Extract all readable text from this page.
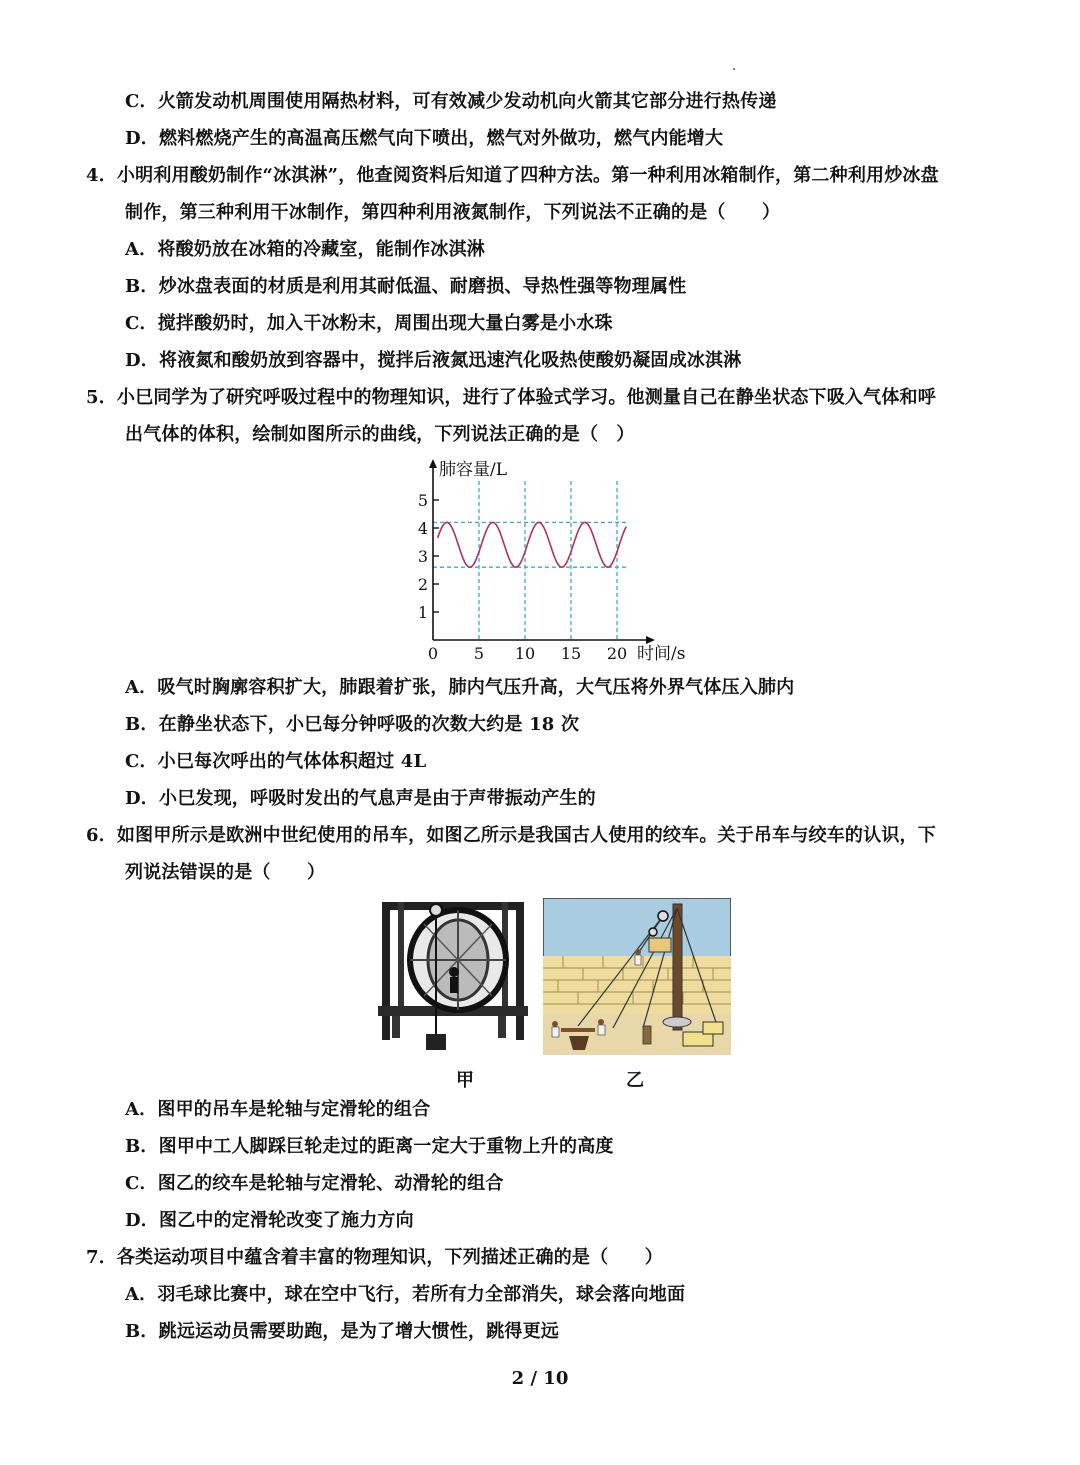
C．火箭发动机周围使用隔热材料，可有效减少发动机向火箭其它部分进行热传递
D．燃料燃烧产生的高温高压燃气向下喷出，燃气对外做功，燃气内能增大
4．小明利用酸奶制作“冰淇淋”，他查阅资料后知道了四种方法。第一种利用冰箱制作，第二种利用炒冰盘
制作，第三种利用干冰制作，第四种利用液氮制作，下列说法不正确的是（　　）
A．将酸奶放在冰箱的冷藏室，能制作冰淇淋
B．炒冰盘表面的材质是利用其耐低温、耐磨损、导热性强等物理属性
C．搅拌酸奶时，加入干冰粉末，周围出现大量白雾是小水珠
D．将液氮和酸奶放到容器中，搅拌后液氮迅速汽化吸热使酸奶凝固成冰淇淋
5．小巳同学为了研究呼吸过程中的物理知识，进行了体验式学习。他测量自己在静坐状态下吸入气体和呼
出气体的体积，绘制如图所示的曲线，下列说法正确的是（　）
肺容量/L
时间/s
0 5 10 15 20
1
2
3
4
5
A．吸气时胸廓容积扩大，肺跟着扩张，肺内气压升高，大气压将外界气体压入肺内
B．在静坐状态下，小巳每分钟呼吸的次数大约是 18 次
C．小巳每次呼出的气体体积超过 4L
D．小巳发现，呼吸时发出的气息声是由于声带振动产生的
6．如图甲所示是欧洲中世纪使用的吊车，如图乙所示是我国古人使用的绞车。关于吊车与绞车的认识，下
列说法错误的是（　　）
甲	乙
A．图甲的吊车是轮轴与定滑轮的组合
B．图甲中工人脚踩巨轮走过的距离一定大于重物上升的高度
C．图乙的绞车是轮轴与定滑轮、动滑轮的组合
D．图乙中的定滑轮改变了施力方向
7．各类运动项目中蕴含着丰富的物理知识，下列描述正确的是（　　）
A．羽毛球比赛中，球在空中飞行，若所有力全部消失，球会落向地面
B．跳远运动员需要助跑，是为了增大惯性，跳得更远
2 / 10
